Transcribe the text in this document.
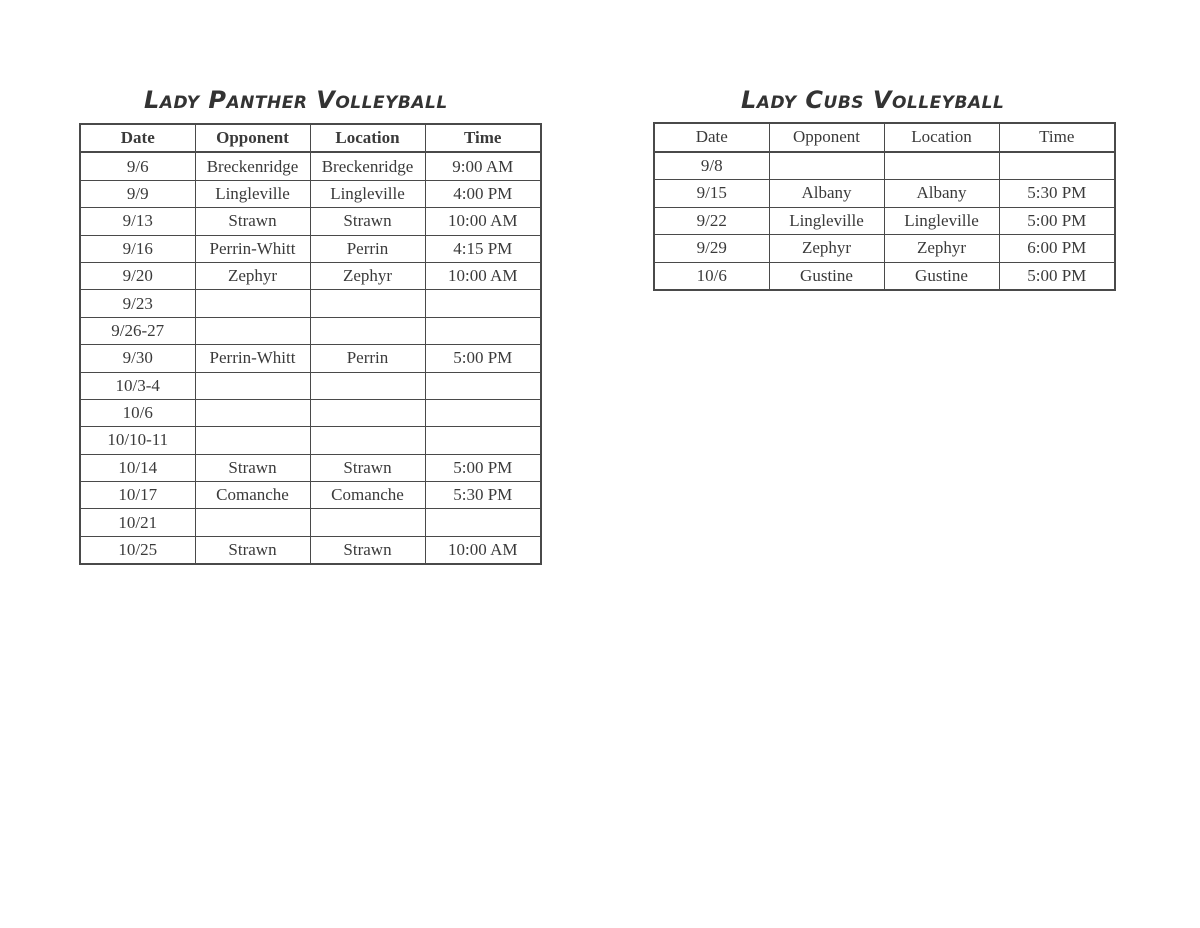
Lady Panther Volleyball
Date	Opponent	Location	Time
9/6	Breckenridge	Breckenridge	9:00 AM
9/9	Lingleville	Lingleville	4:00 PM
9/13	Strawn	Strawn	10:00 AM
9/16	Perrin-Whitt	Perrin	4:15 PM
9/20	Zephyr	Zephyr	10:00 AM
9/23			
9/26-27			
9/30	Perrin-Whitt	Perrin	5:00 PM
10/3-4			
10/6			
10/10-11			
10/14	Strawn	Strawn	5:00 PM
10/17	Comanche	Comanche	5:30 PM
10/21			
10/25	Strawn	Strawn	10:00 AM
Lady Cubs Volleyball
Date	Opponent	Location	Time
9/8			
9/15	Albany	Albany	5:30 PM
9/22	Lingleville	Lingleville	5:00 PM
9/29	Zephyr	Zephyr	6:00 PM
10/6	Gustine	Gustine	5:00 PM
